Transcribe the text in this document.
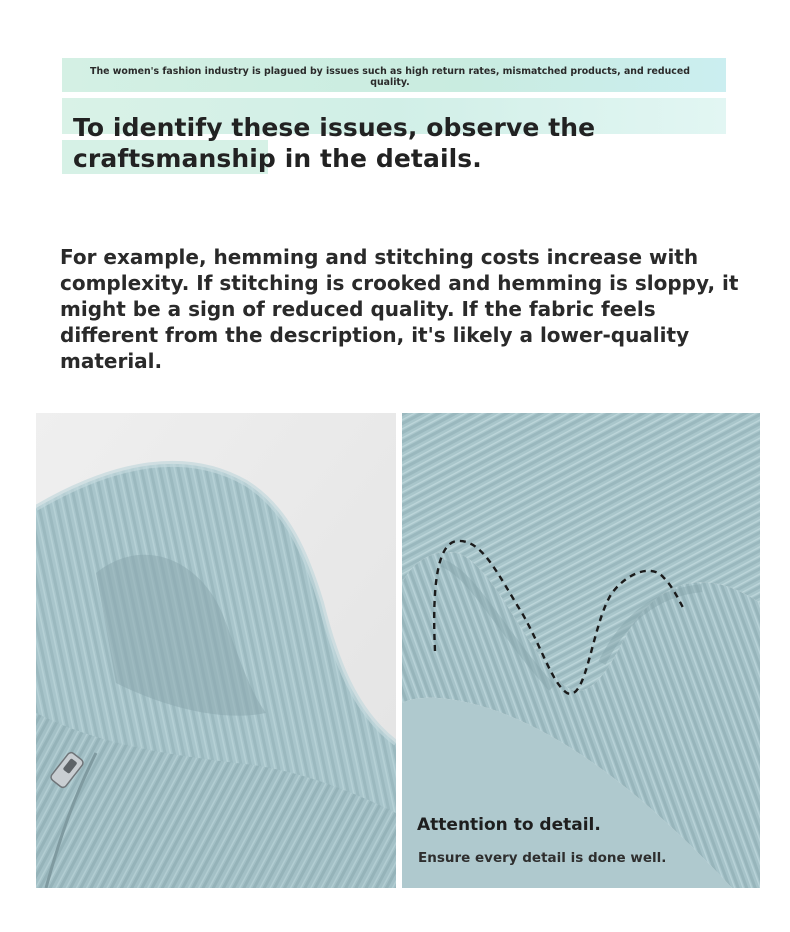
The women's fashion industry is plagued by issues such as high return rates, mismatched products, and reduced quality.
To identify these issues, observe the
craftsmanship in the details.
For example, hemming and stitching costs increase with complexity. If stitching is crooked and hemming is sloppy, it might be a sign of reduced quality. If the fabric feels different from the description, it's likely a lower-quality material.
Attention to detail.
Ensure every detail is done well.
